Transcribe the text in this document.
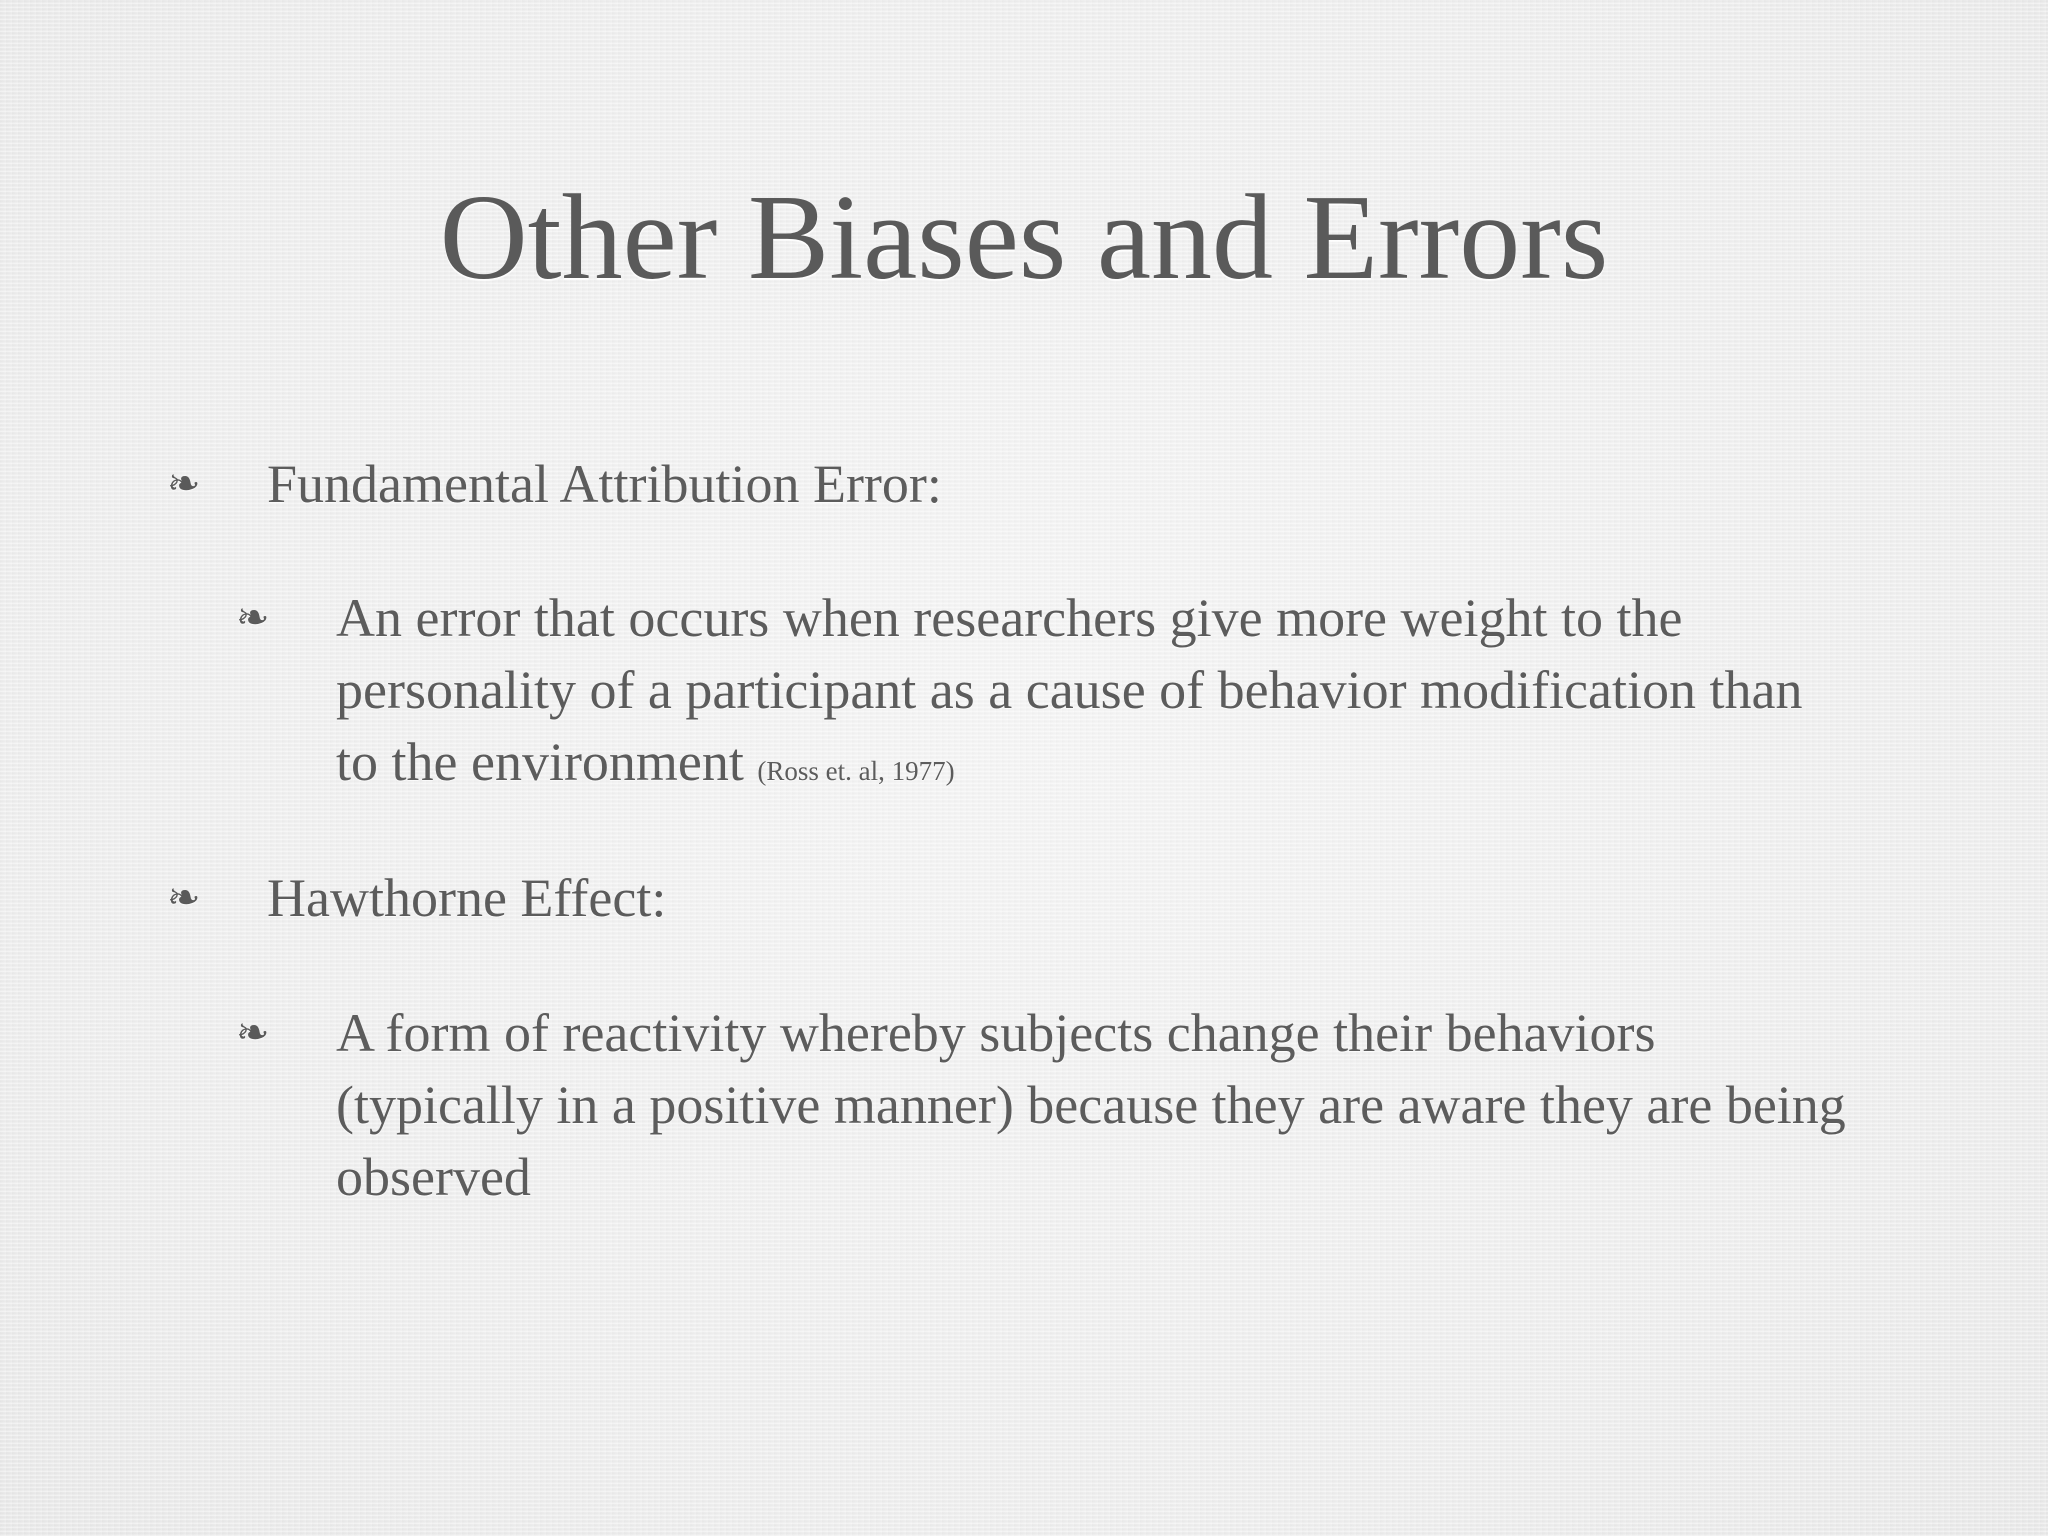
Other Biases and Errors
❧ Fundamental Attribution Error:
❧ An error that occurs when researchers give more weight to the personality of a participant as a cause of behavior modification than to the environment (Ross et. al, 1977)
❧ Hawthorne Effect:
❧ A form of reactivity whereby subjects change their behaviors (typically in a positive manner) because they are aware they are being observed
